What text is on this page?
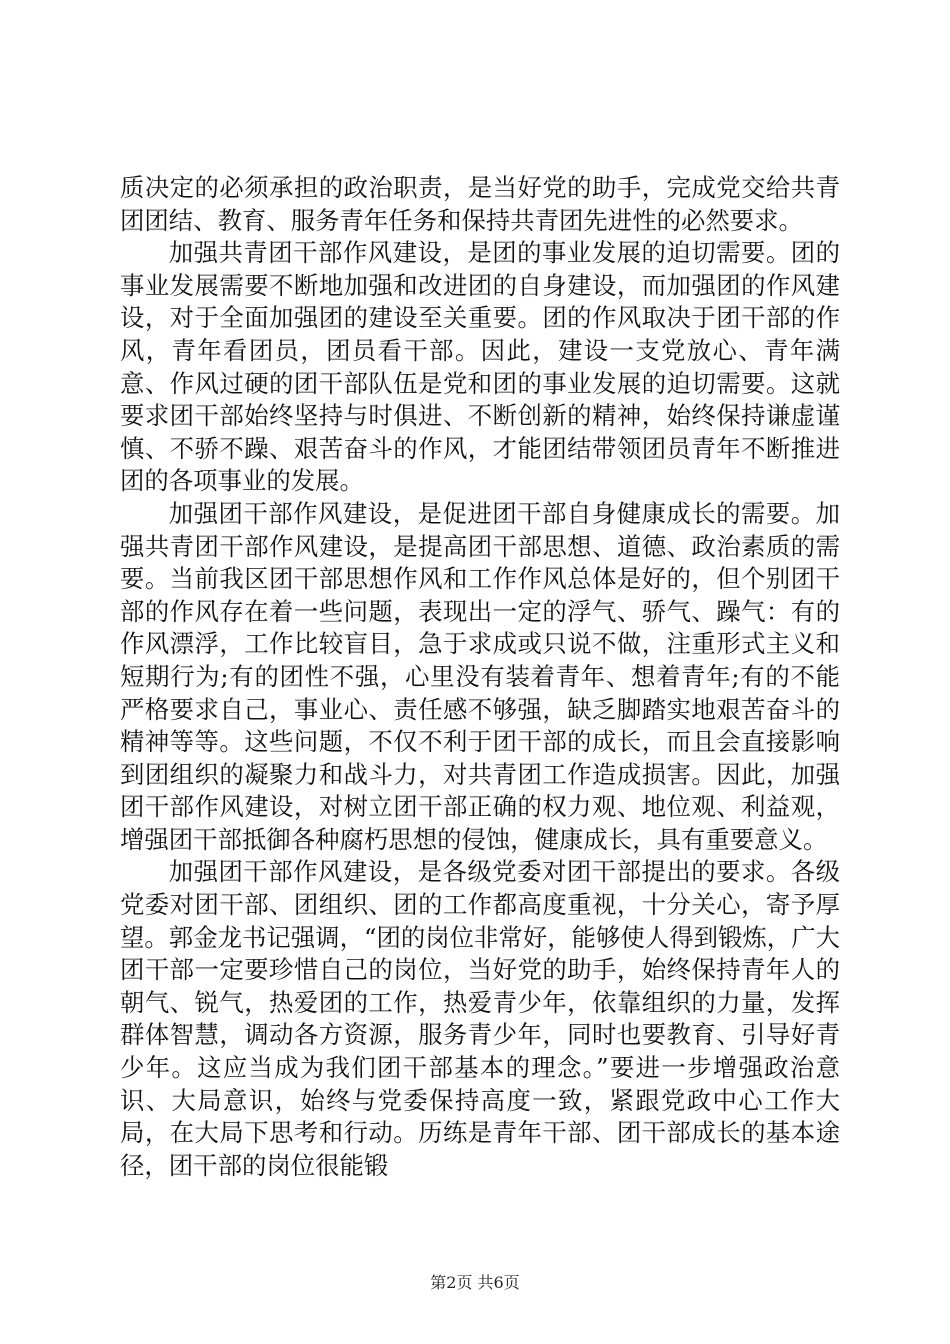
质决定的必须承担的政治职责，是当好党的助手，完成党交给共青团团结、教育、服务青年任务和保持共青团先进性的必然要求。

加强共青团干部作风建设，是团的事业发展的迫切需要。团的事业发展需要不断地加强和改进团的自身建设，而加强团的作风建设，对于全面加强团的建设至关重要。团的作风取决于团干部的作风，青年看团员，团员看干部。因此，建设一支党放心、青年满意、作风过硬的团干部队伍是党和团的事业发展的迫切需要。这就要求团干部始终坚持与时俱进、不断创新的精神，始终保持谦虚谨慎、不骄不躁、艰苦奋斗的作风，才能团结带领团员青年不断推进团的各项事业的发展。

加强团干部作风建设，是促进团干部自身健康成长的需要。加强共青团干部作风建设，是提高团干部思想、道德、政治素质的需要。当前我区团干部思想作风和工作作风总体是好的，但个别团干部的作风存在着一些问题，表现出一定的浮气、骄气、躁气：有的作风漂浮，工作比较盲目，急于求成或只说不做，注重形式主义和短期行为;有的团性不强，心里没有装着青年、想着青年;有的不能严格要求自己，事业心、责任感不够强，缺乏脚踏实地艰苦奋斗的精神等等。这些问题，不仅不利于团干部的成长，而且会直接影响到团组织的凝聚力和战斗力，对共青团工作造成损害。因此，加强团干部作风建设，对树立团干部正确的权力观、地位观、利益观，增强团干部抵御各种腐朽思想的侵蚀，健康成长，具有重要意义。

加强团干部作风建设，是各级党委对团干部提出的要求。各级党委对团干部、团组织、团的工作都高度重视，十分关心，寄予厚望。郭金龙书记强调，“团的岗位非常好，能够使人得到锻炼，广大团干部一定要珍惜自己的岗位，当好党的助手，始终保持青年人的朝气、锐气，热爱团的工作，热爱青少年，依靠组织的力量，发挥群体智慧，调动各方资源，服务青少年，同时也要教育、引导好青少年。这应当成为我们团干部基本的理念。”要进一步增强政治意识、大局意识，始终与党委保持高度一致，紧跟党政中心工作大局，在大局下思考和行动。历练是青年干部、团干部成长的基本途径，团干部的岗位很能锻

第2页 共6页
